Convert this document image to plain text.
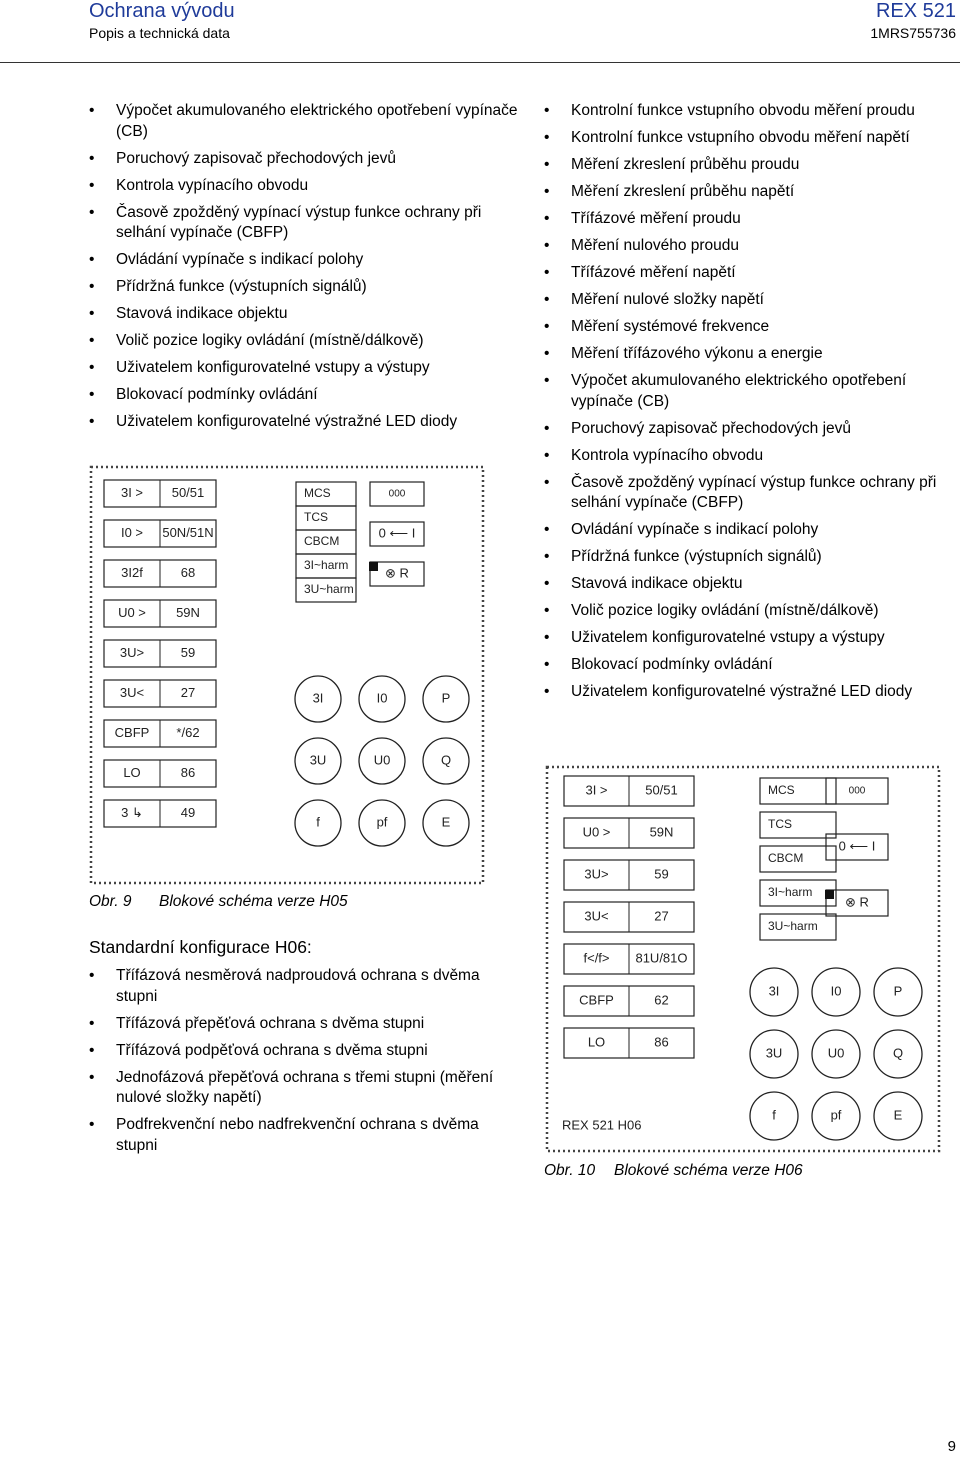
Ochrana vývodu
Popis a technická data
REX 521
1MRS755736
• Výpočet akumulovaného elektrického opotřebení vypínače (CB)
• Poruchový zapisovač přechodových jevů
• Kontrola vypínacího obvodu
• Časově zpožděný vypínací výstup funkce ochrany při selhání vypínače (CBFP)
• Ovládání vypínače s indikací polohy
• Přídržná funkce (výstupních signálů)
• Stavová indikace objektu
• Volič pozice logiky ovládání (místně/dálkově)
• Uživatelem konfigurovatelné vstupy a výstupy
• Blokovací podmínky ovládání
• Uživatelem konfigurovatelné výstražné LED diody
• Kontrolní funkce vstupního obvodu měření proudu
• Kontrolní funkce vstupního obvodu měření napětí
• Měření zkreslení průběhu proudu
• Měření zkreslení průběhu napětí
• Třífázové měření proudu
• Měření nulového proudu
• Třífázové měření napětí
• Měření nulové složky napětí
• Měření systémové frekvence
• Měření třífázového výkonu a energie
• Výpočet akumulovaného elektrického opotřebení vypínače (CB)
• Poruchový zapisovač přechodových jevů
• Kontrola vypínacího obvodu
• Časově zpožděný vypínací výstup funkce ochrany při selhání vypínače (CBFP)
• Ovládání vypínače s indikací polohy
• Přídržná funkce (výstupních signálů)
• Stavová indikace objektu
• Volič pozice logiky ovládání (místně/dálkově)
• Uživatelem konfigurovatelné vstupy a výstupy
• Blokovací podmínky ovládání
• Uživatelem konfigurovatelné výstražné LED diody
3I > 50/51
I0 > 50N/51N
3I2f	68
U0 > 59N
3U>	59
3U<	27
CBFP */62
LO	86
3 ↳	49
MCS
TCS
CBCM
3I~harm
3U~harm
000
0 ⟵ I
⊗ R
3I	I0	P
3U	U0	Q
f	pf	E
Obr. 9 Blokové schéma verze H05
Standardní konfigurace H06:
• Třífázová nesměrová nadproudová ochrana s dvěma stupni
• Třífázová přepěťová ochrana s dvěma stupni
• Třífázová podpěťová ochrana s dvěma stupni
• Jednofázová přepěťová ochrana s třemi stupni (měření nulové složky napětí)
• Podfrekvenční nebo nadfrekvenční ochrana s dvěma stupni
3I >	50/51
U0 >	59N
3U>	59
3U<	27
f</f> 81U/81O
CBFP	62
LO	86
MCS
TCS
CBCM
3I~harm
3U~harm
000
0 ⟵ I
⊗ R
3I	I0	P
3U	U0	Q
f	pf	E
REX 521 H06
Obr. 10 Blokové schéma verze H06
9
